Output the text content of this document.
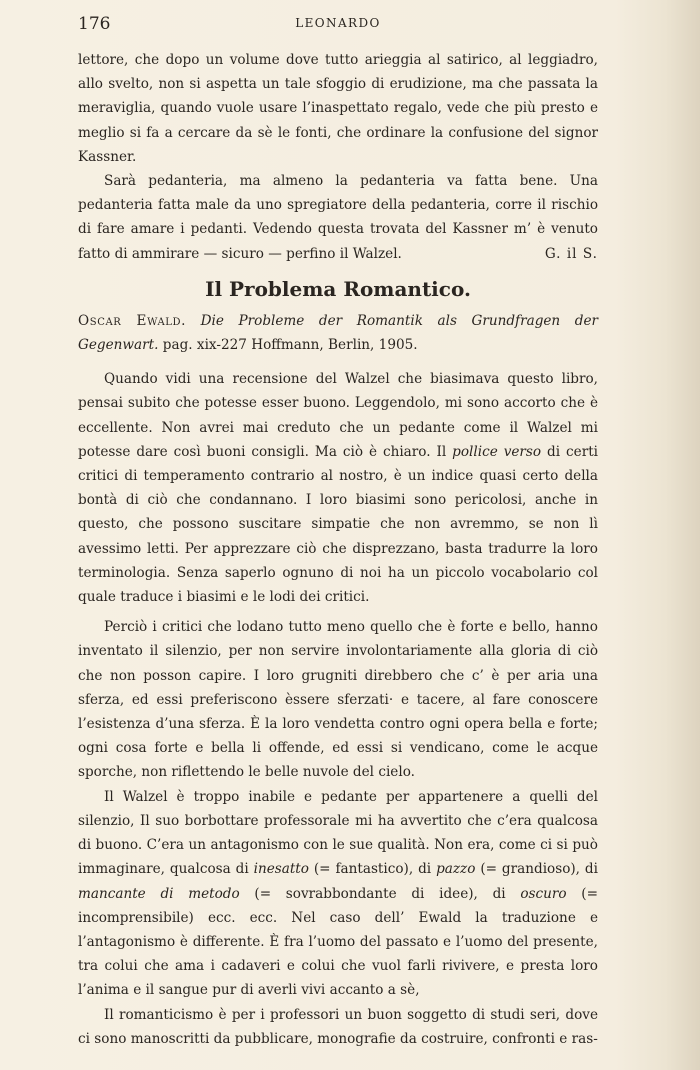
176	LEONARDO

lettore, che dopo un volume dove tutto arieggia al satirico, al leggiadro, allo svelto, non si aspetta un tale sfoggio di erudizione, ma che passata la meraviglia, quando vuole usare l’inaspettato regalo, vede che più presto e meglio si fa a cercare da sè le fonti, che ordinare la confusione del signor Kassner.

Sarà pedanteria, ma almeno la pedanteria va fatta bene. Una pedanteria fatta male da uno spregiatore della pedanteria, corre il rischio di fare amare i pedanti. Vedendo questa trovata del Kassner m’ è venuto fatto di ammirare — sicuro — perfino il Walzel.	G. il S.

Il Problema Romantico.

Oscar Ewald. Die Probleme der Romantik als Grundfragen der Gegenwart. pag. xix-227 Hoffmann, Berlin, 1905.

Quando vidi una recensione del Walzel che biasimava questo libro, pensai subito che potesse esser buono. Leggendolo, mi sono accorto che è eccellente. Non avrei mai creduto che un pedante come il Walzel mi potesse dare così buoni consigli. Ma ciò è chiaro. Il pollice verso di certi critici di temperamento contrario al nostro, è un indice quasi certo della bontà di ciò che condannano. I loro biasimi sono pericolosi, anche in questo, che possono suscitare simpatie che non avremmo, se non lì avessimo letti. Per apprezzare ciò che disprezzano, basta tradurre la loro terminologia. Senza saperlo ognuno di noi ha un piccolo vocabolario col quale traduce i biasimi e le lodi dei critici.

Perciò i critici che lodano tutto meno quello che è forte e bello, hanno inventato il silenzio, per non servire involontariamente alla gloria di ciò che non posson capire. I loro grugniti direbbero che c’ è per aria una sferza, ed essi preferiscono èssere sferzati· e tacere, al fare conoscere l’esistenza d’una sferza. È la loro vendetta contro ogni opera bella e forte; ogni cosa forte e bella li offende, ed essi si vendicano, come le acque sporche, non riflettendo le belle nuvole del cielo.

Il Walzel è troppo inabile e pedante per appartenere a quelli del silenzio, Il suo borbottare professorale mi ha avvertito che c’era qualcosa di buono. C’era un antagonismo con le sue qualità. Non era, come ci si può immaginare, qualcosa di inesatto (= fantastico), di pazzo (= grandioso), di mancante di metodo (= sovrabbondante di idee), di oscuro (= incomprensibile) ecc. ecc. Nel caso dell’ Ewald la traduzione e l’antagonismo è differente. È fra l’uomo del passato e l’uomo del presente, tra colui che ama i cadaveri e colui che vuol farli rivivere, e presta loro l’anima e il sangue pur di averli vivi accanto a sè,

Il romanticismo è per i professori un buon soggetto di studi seri, dove ci sono manoscritti da pubblicare, monografie da costruire, confronti e ras-
